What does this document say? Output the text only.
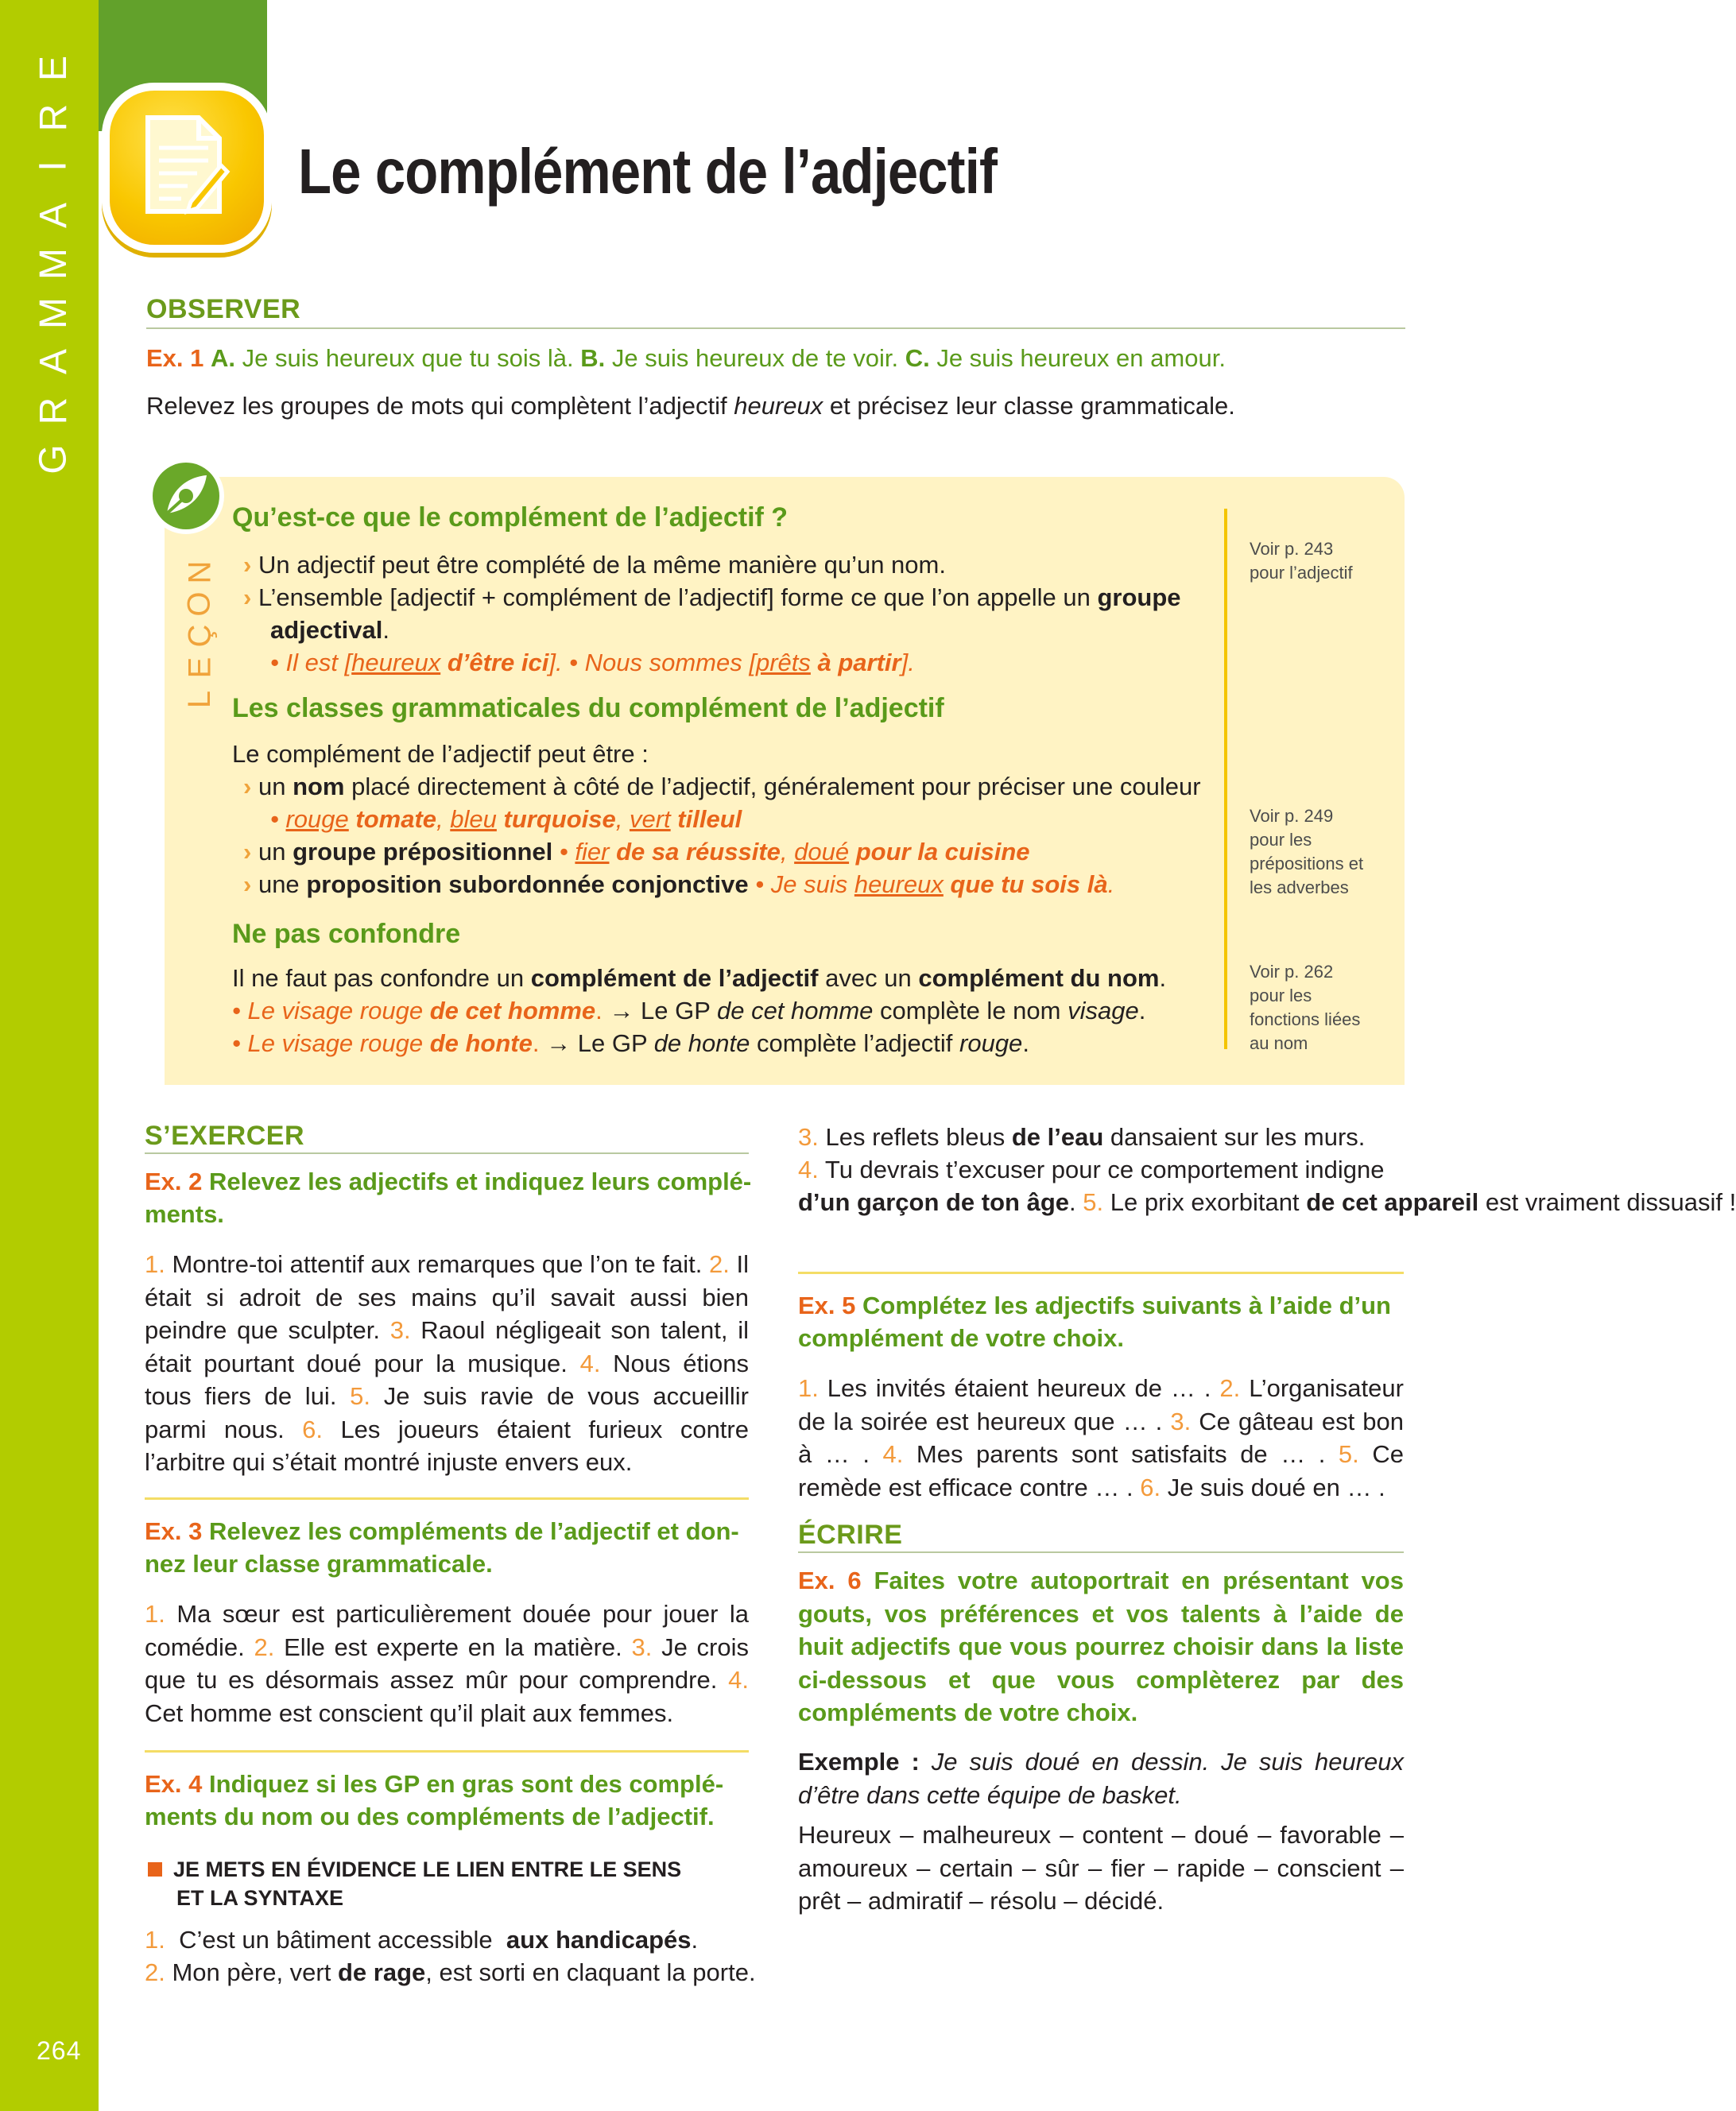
E
R
I
A
M
M
A
R
G
264
Le complément de l’adjectif
OBSERVER
Ex. 1 A. Je suis heureux que tu sois là. B. Je suis heureux de te voir. C. Je suis heureux en amour.
Relevez les groupes de mots qui complètent l’adjectif heureux et précisez leur classe grammaticale.
N
O
Ç
E
L
Qu’est-ce que le complément de l’adjectif ?
› Un adjectif peut être complété de la même manière qu’un nom.
› L’ensemble [adjectif + complément de l’adjectif] forme ce que l’on appelle un groupe
adjectival.
• Il est [heureux d’être ici]. • Nous sommes [prêts à partir].
Les classes grammaticales du complément de l’adjectif
Le complément de l’adjectif peut être :
› un nom placé directement à côté de l’adjectif, généralement pour préciser une couleur
• rouge tomate, bleu turquoise, vert tilleul
› un groupe prépositionnel • fier de sa réussite, doué pour la cuisine
› une proposition subordonnée conjonctive • Je suis heureux que tu sois là.
Ne pas confondre
Il ne faut pas confondre un complément de l’adjectif avec un complément du nom.
• Le visage rouge de cet homme. → Le GP de cet homme complète le nom visage.
• Le visage rouge de honte. → Le GP de honte complète l’adjectif rouge.
Voir p. 243
pour l’adjectif
Voir p. 249
pour les
prépositions et
les adverbes
Voir p. 262
pour les
fonctions liées
au nom
S’EXERCER
Ex. 2 Relevez les adjectifs et indiquez leurs complé-
ments.
1. Montre-toi attentif aux remarques que l’on te fait. 2. Il était si adroit de ses mains qu’il savait aussi bien peindre que sculpter. 3. Raoul négligeait son talent, il était pourtant doué pour la musique. 4. Nous étions tous fiers de lui. 5. Je suis ravie de vous accueillir parmi nous. 6. Les joueurs étaient furieux contre l’arbitre qui s’était montré injuste envers eux.
Ex. 3 Relevez les compléments de l’adjectif et don-
nez leur classe grammaticale.
1. Ma sœur est particulièrement douée pour jouer la comédie. 2. Elle est experte en la matière. 3. Je crois que tu es désormais assez mûr pour comprendre. 4. Cet homme est conscient qu’il plait aux femmes.
Ex. 4 Indiquez si les GP en gras sont des complé-
ments du nom ou des compléments de l’adjectif.
JE METS EN ÉVIDENCE LE LIEN ENTRE LE SENS
ET LA SYNTAXE
1. C’est un bâtiment accessible aux handicapés.
2. Mon père, vert de rage, est sorti en claquant la porte.
3. Les reflets bleus de l’eau dansaient sur les murs.
4. Tu devrais t’excuser pour ce comportement indigne
d’un garçon de ton âge. 5. Le prix exorbitant de cet appareil est vraiment dissuasif !
Ex. 5 Complétez les adjectifs suivants à l’aide d’un
complément de votre choix.
1. Les invités étaient heureux de … . 2. L’organisateur de la soirée est heureux que … . 3. Ce gâteau est bon à … . 4. Mes parents sont satisfaits de … . 5. Ce remède est efficace contre … . 6. Je suis doué en … .
ÉCRIRE
Ex. 6 Faites votre autoportrait en présentant vos gouts, vos préférences et vos talents à l’aide de huit adjectifs que vous pourrez choisir dans la liste ci-dessous et que vous complèterez par des compléments de votre choix.
Exemple : Je suis doué en dessin. Je suis heureux d’être dans cette équipe de basket.
Heureux – malheureux – content – doué – favorable – amoureux – certain – sûr – fier – rapide – conscient – prêt – admiratif – résolu – décidé.
